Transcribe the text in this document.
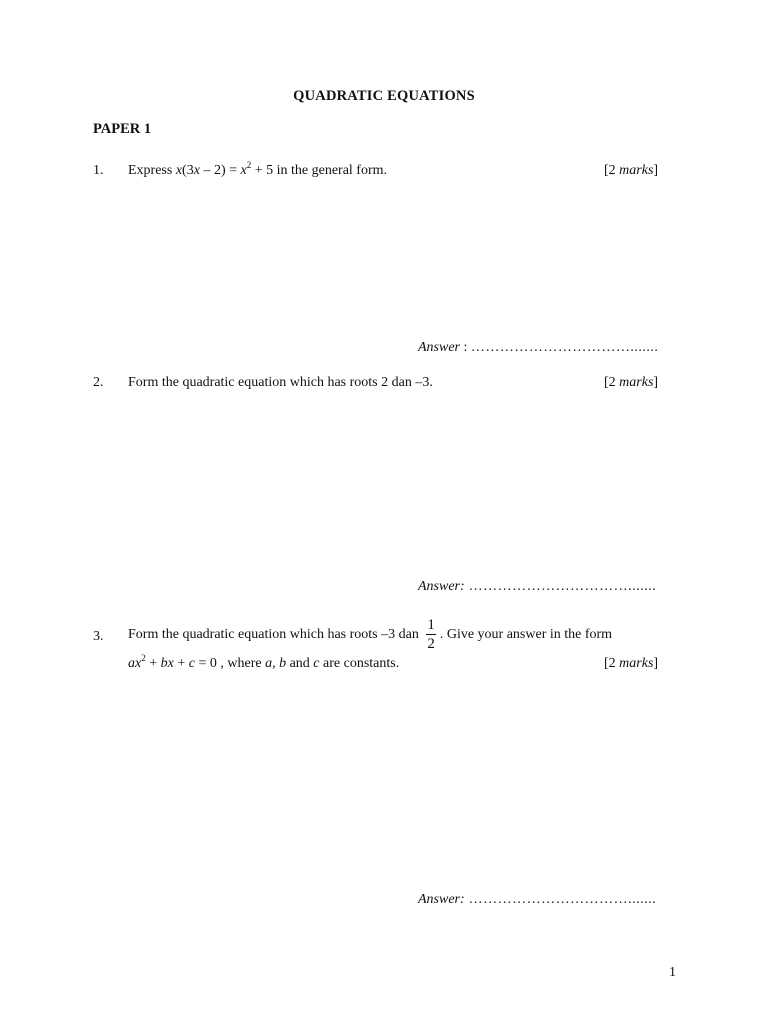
QUADRATIC EQUATIONS
PAPER 1
1. Express $x(3x - 2) = x^2 + 5$ in the general form.	[2 marks]
Answer : …………………………….......
2. Form the quadratic equation which has roots 2 dan –3.	[2 marks]
Answer: …………………………….......
3. Form the quadratic equation which has roots –3 dan $\frac{1}{2}$ . Give your answer in the form
$ax^2$ + bx + c = 0 , where a, b and c are constants.	[2 marks]
Answer: …………………………….......
1
